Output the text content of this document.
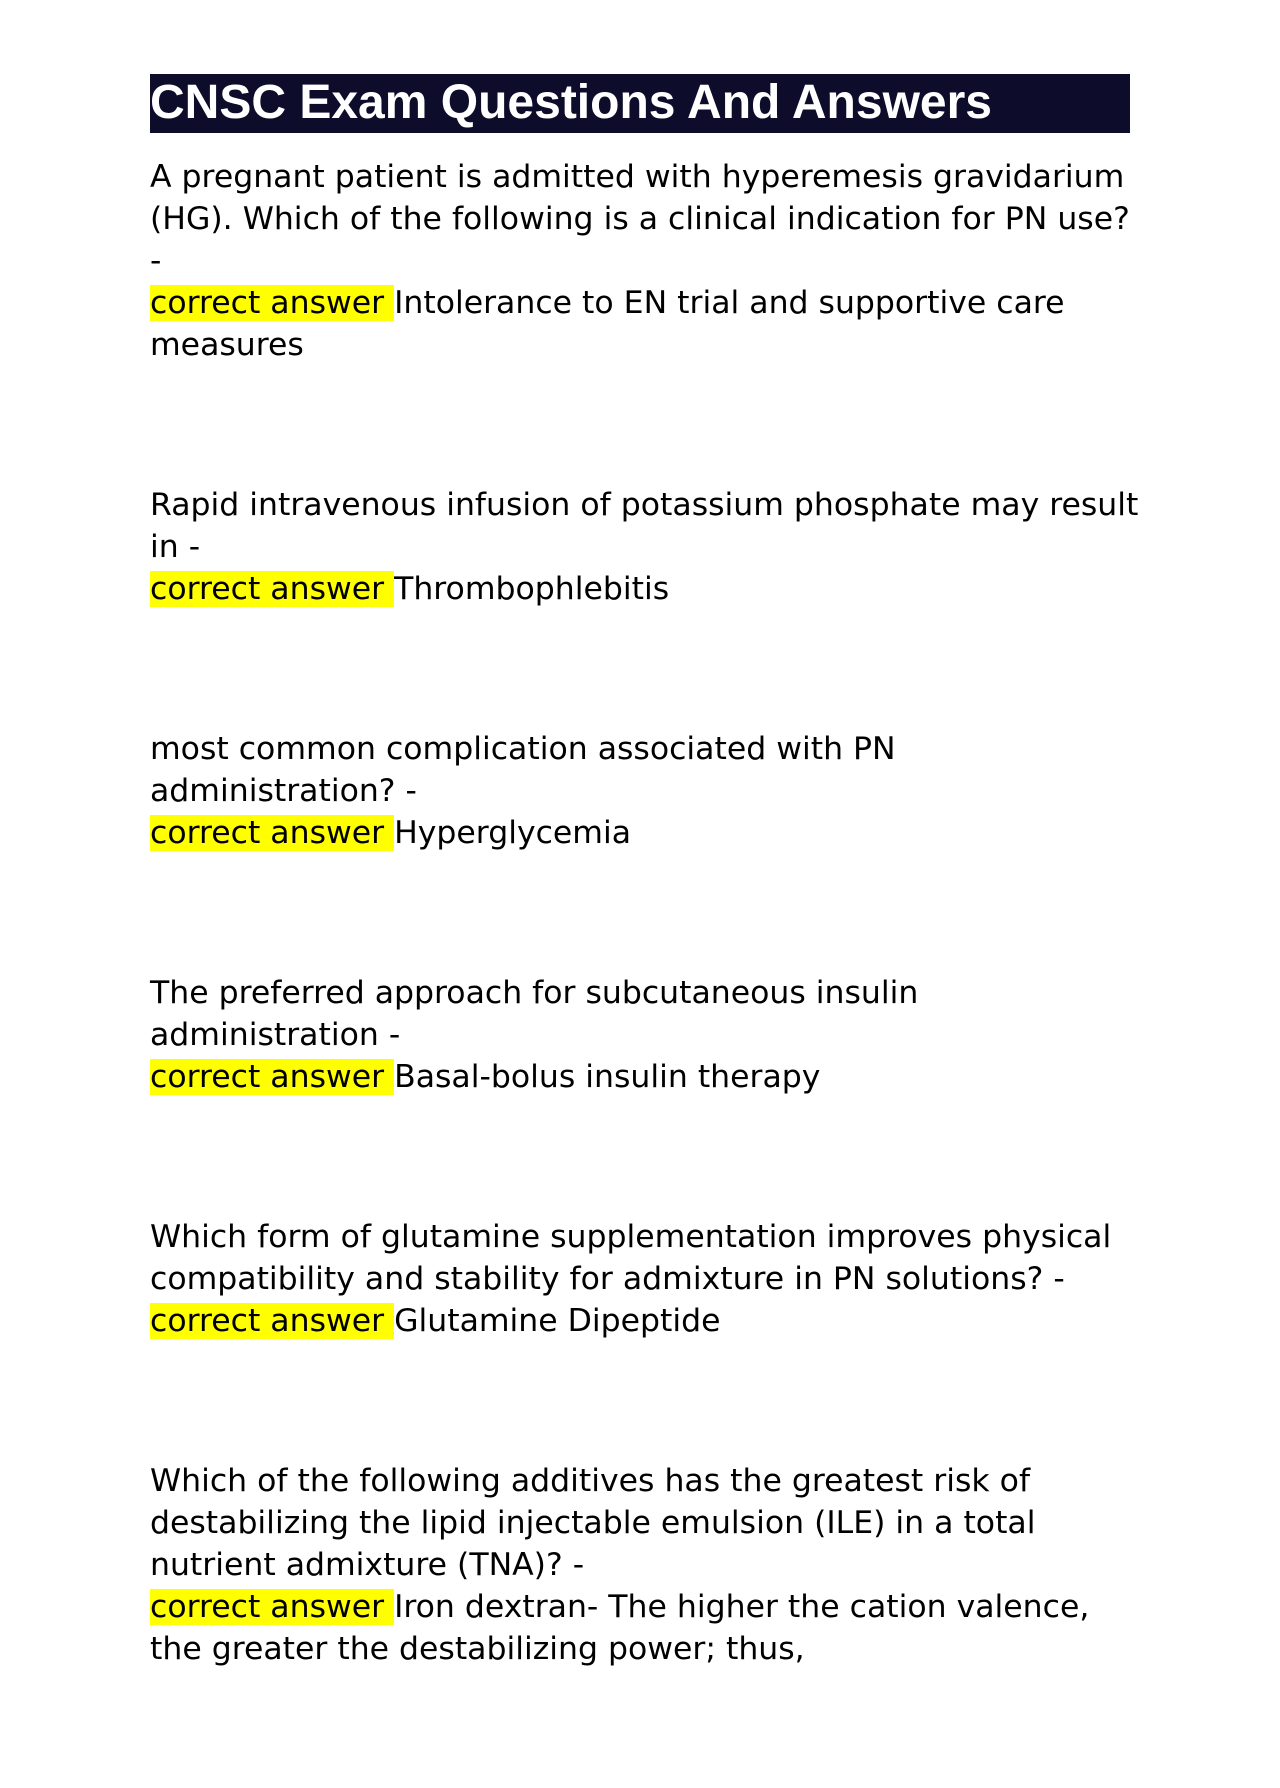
CNSC Exam Questions And Answers
A pregnant patient is admitted with hyperemesis gravidarium (HG). Which of the following is a clinical indication for PN use? -
correct answer Intolerance to EN trial and supportive care measures
Rapid intravenous infusion of potassium phosphate may result in -
correct answer Thrombophlebitis
most common complication associated with PN administration? -
correct answer Hyperglycemia
The preferred approach for subcutaneous insulin administration -
correct answer Basal-bolus insulin therapy
Which form of glutamine supplementation improves physical compatibility and stability for admixture in PN solutions? -
correct answer Glutamine Dipeptide
Which of the following additives has the greatest risk of destabilizing the lipid injectable emulsion (ILE) in a total nutrient admixture (TNA)? -
correct answer Iron dextran- The higher the cation valence, the greater the destabilizing power; thus,
